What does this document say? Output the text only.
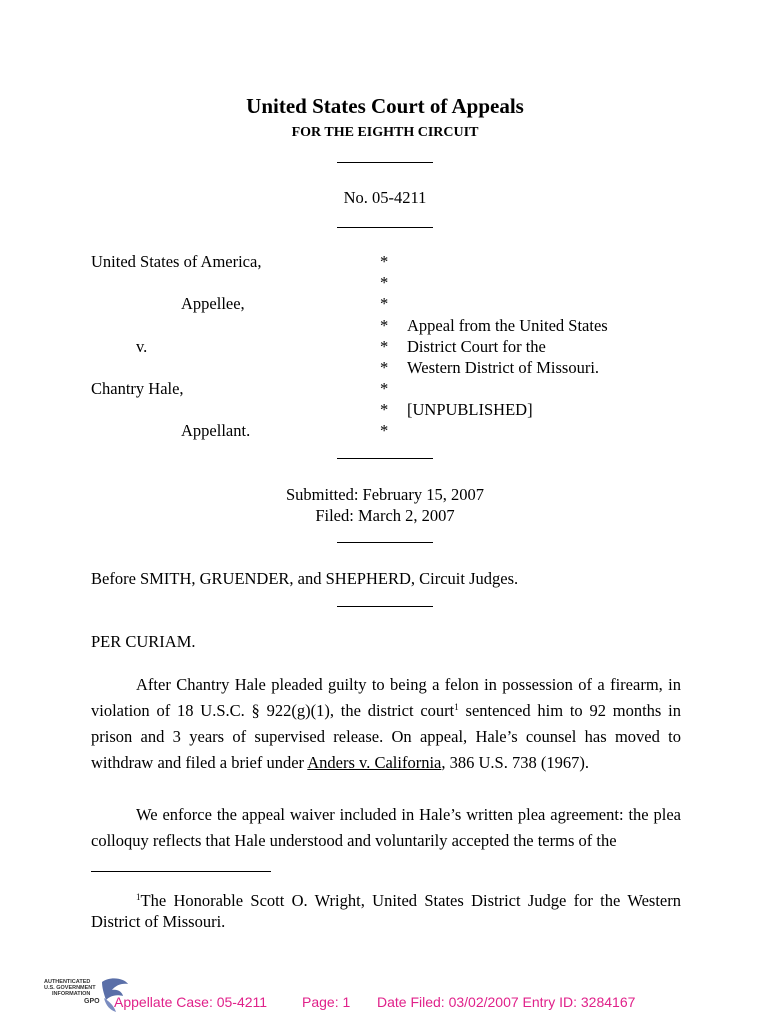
United States Court of Appeals
FOR THE EIGHTH CIRCUIT
No. 05-4211
United States of America,
Appellee,
v.
Chantry Hale,
Appellant.
*
*
*
*
*
*
*
*
*
Appeal from the United States
District Court for the
Western District of Missouri.
[UNPUBLISHED]
Submitted: February 15, 2007
Filed: March 2, 2007
Before SMITH, GRUENDER, and SHEPHERD, Circuit Judges.
PER CURIAM.
After Chantry Hale pleaded guilty to being a felon in possession of a firearm, in violation of 18 U.S.C. § 922(g)(1), the district court$^1$ sentenced him to 92 months in prison and 3 years of supervised release. On appeal, Hale’s counsel has moved to withdraw and filed a brief under Anders v. California, 386 U.S. 738 (1967).
We enforce the appeal waiver included in Hale’s written plea agreement: the plea colloquy reflects that Hale understood and voluntarily accepted the terms of the
$^1$The Honorable Scott O. Wright, United States District Judge for the Western District of Missouri.
AUTHENTICATED
U.S. GOVERNMENT
INFORMATION
GPO Appellate Case: 05-4211 Page: 1 Date Filed: 03/02/2007 Entry ID: 3284167
